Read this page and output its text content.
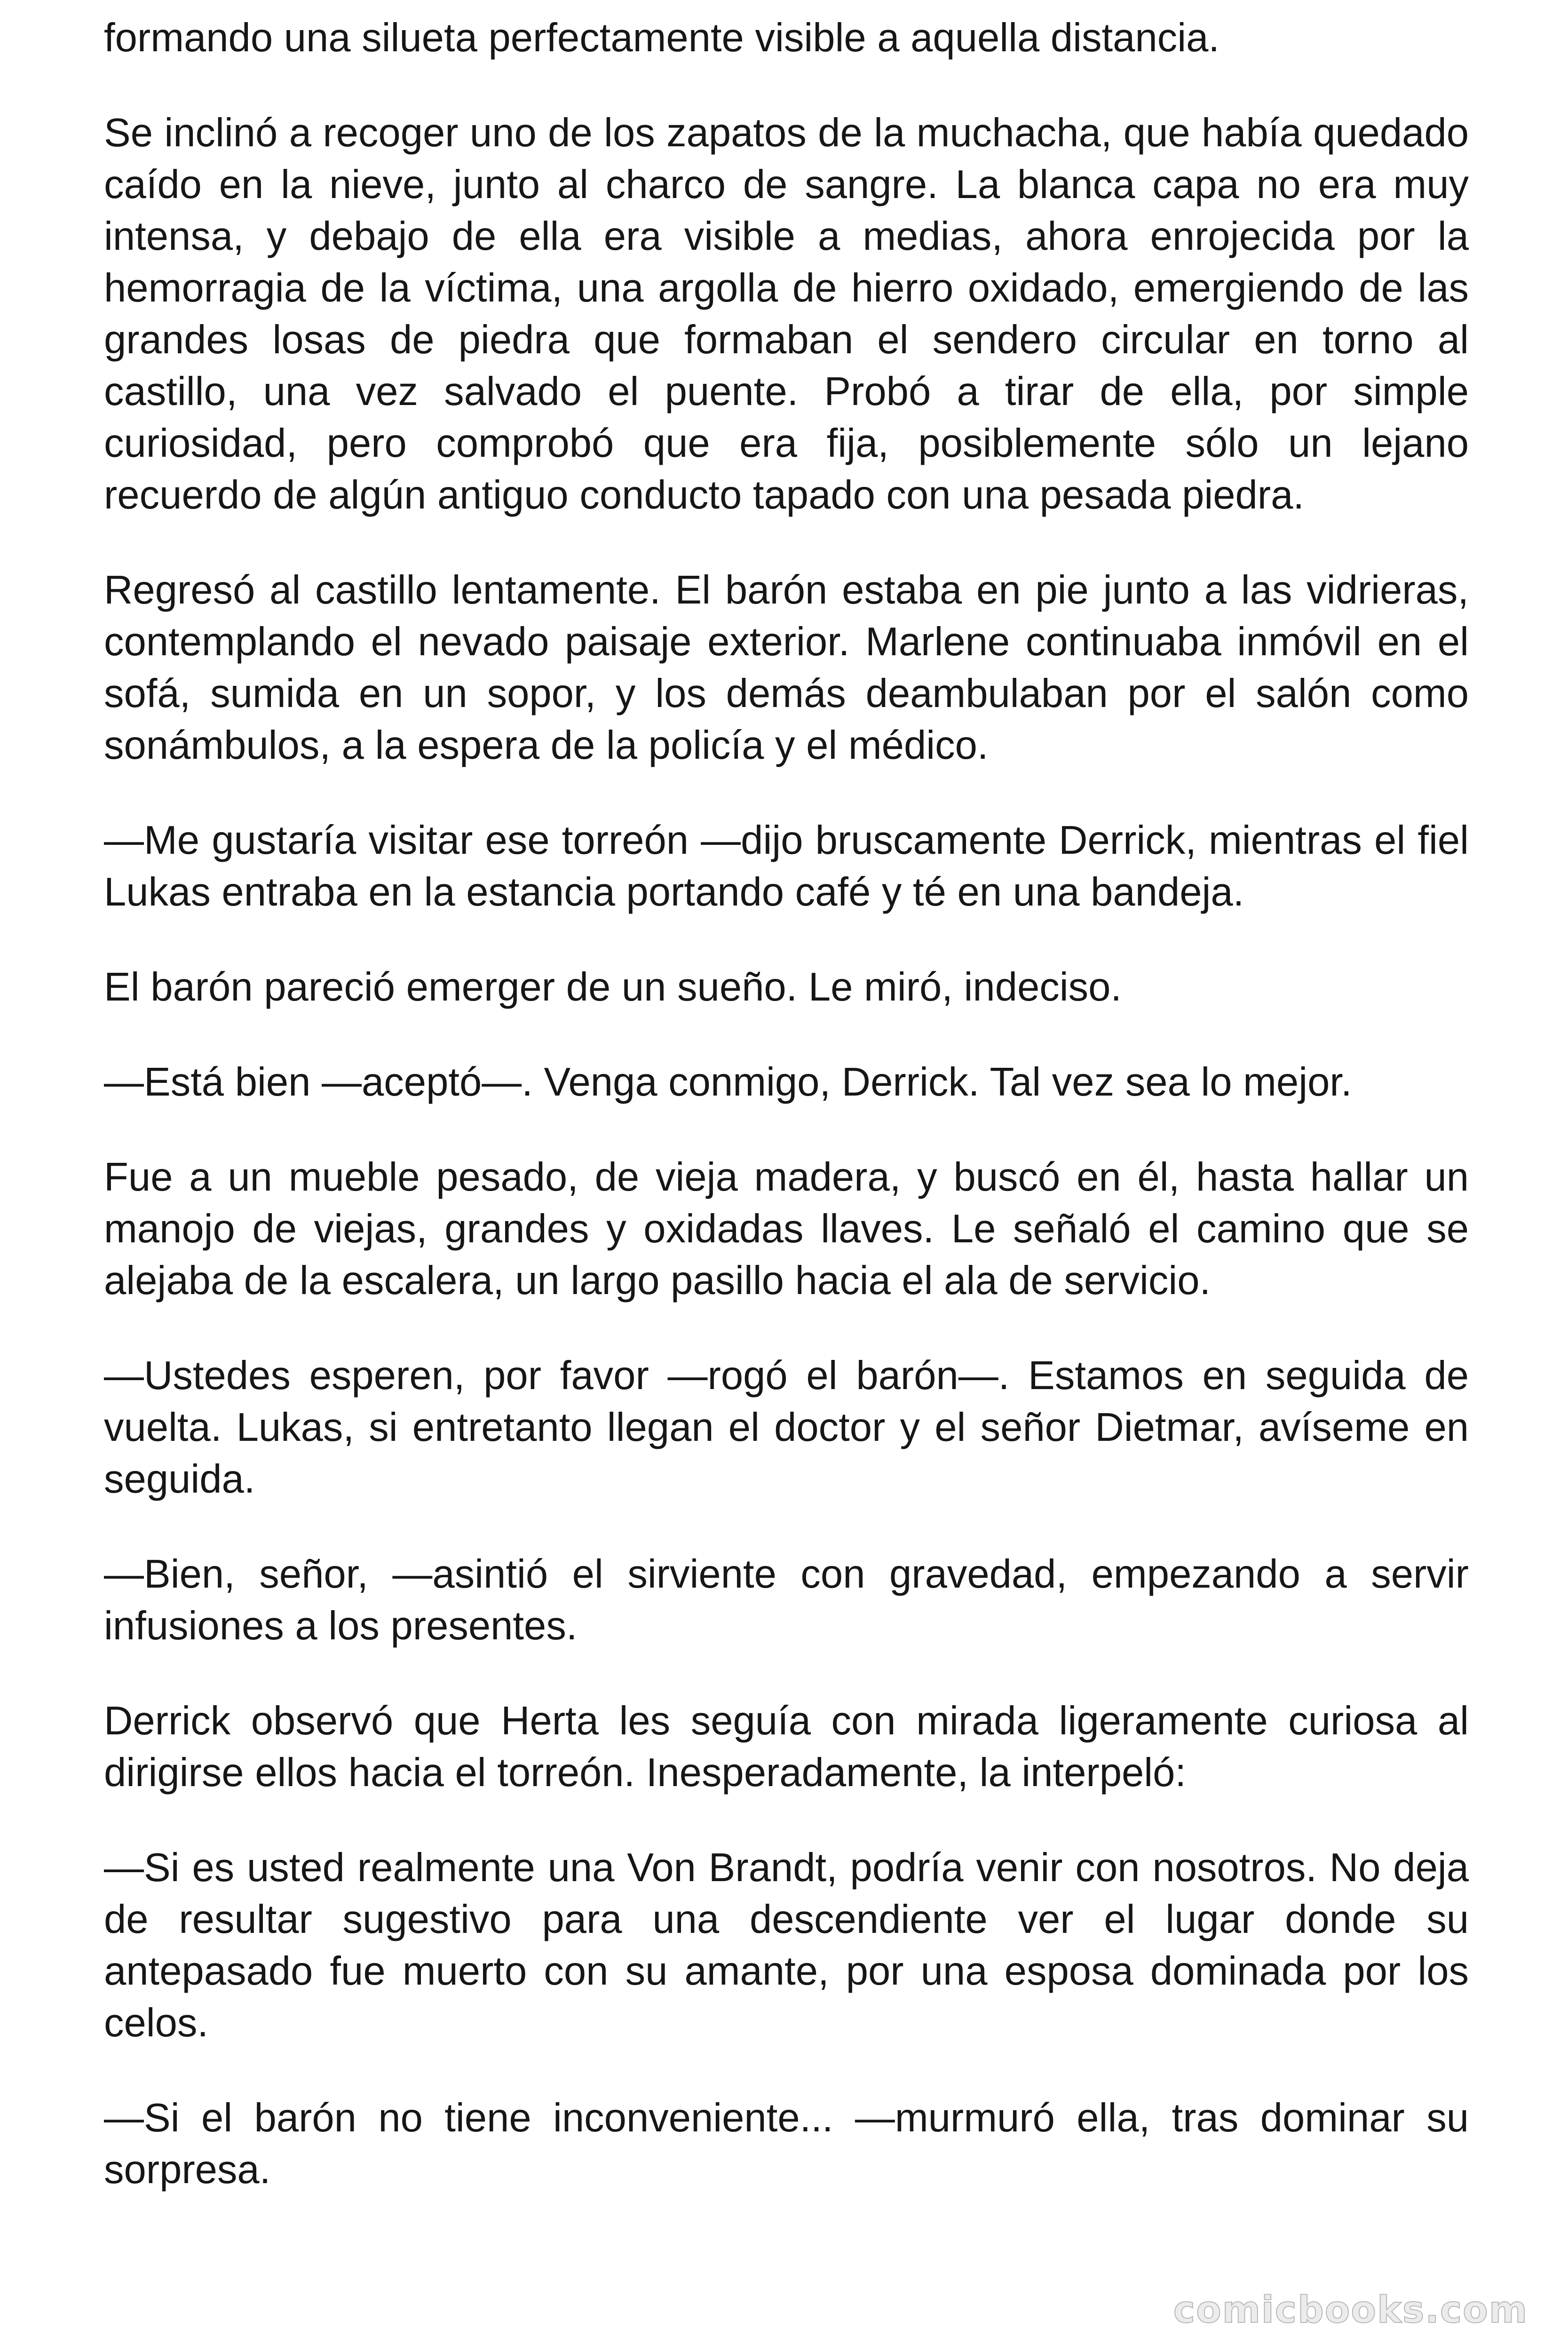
formando una silueta perfectamente visible a aquella distancia.

Se inclinó a recoger uno de los zapatos de la muchacha, que había quedado caído en la nieve, junto al charco de sangre. La blanca capa no era muy intensa, y debajo de ella era visible a medias, ahora enrojecida por la hemorragia de la víctima, una argolla de hierro oxidado, emergiendo de las grandes losas de piedra que formaban el sendero circular en torno al castillo, una vez salvado el puente. Probó a tirar de ella, por simple curiosidad, pero comprobó que era fija, posiblemente sólo un lejano recuerdo de algún antiguo conducto tapado con una pesada piedra.

Regresó al castillo lentamente. El barón estaba en pie junto a las vidrieras, contemplando el nevado paisaje exterior. Marlene continuaba inmóvil en el sofá, sumida en un sopor, y los demás deambulaban por el salón como sonámbulos, a la espera de la policía y el médico.

—Me gustaría visitar ese torreón —dijo bruscamente Derrick, mientras el fiel Lukas entraba en la estancia portando café y té en una bandeja.

El barón pareció emerger de un sueño. Le miró, indeciso.

—Está bien —aceptó—. Venga conmigo, Derrick. Tal vez sea lo mejor.

Fue a un mueble pesado, de vieja madera, y buscó en él, hasta hallar un manojo de viejas, grandes y oxidadas llaves. Le señaló el camino que se alejaba de la escalera, un largo pasillo hacia el ala de servicio.

—Ustedes esperen, por favor —rogó el barón—. Estamos en seguida de vuelta. Lukas, si entretanto llegan el doctor y el señor Dietmar, avíseme en seguida.

—Bien, señor, —asintió el sirviente con gravedad, empezando a servir infusiones a los presentes.

Derrick observó que Herta les seguía con mirada ligeramente curiosa al dirigirse ellos hacia el torreón. Inesperadamente, la interpeló:

—Si es usted realmente una Von Brandt, podría venir con nosotros. No deja de resultar sugestivo para una descendiente ver el lugar donde su antepasado fue muerto con su amante, por una esposa dominada por los celos.

—Si el barón no tiene inconveniente... —murmuró ella, tras dominar su sorpresa.

comicbooks.com
